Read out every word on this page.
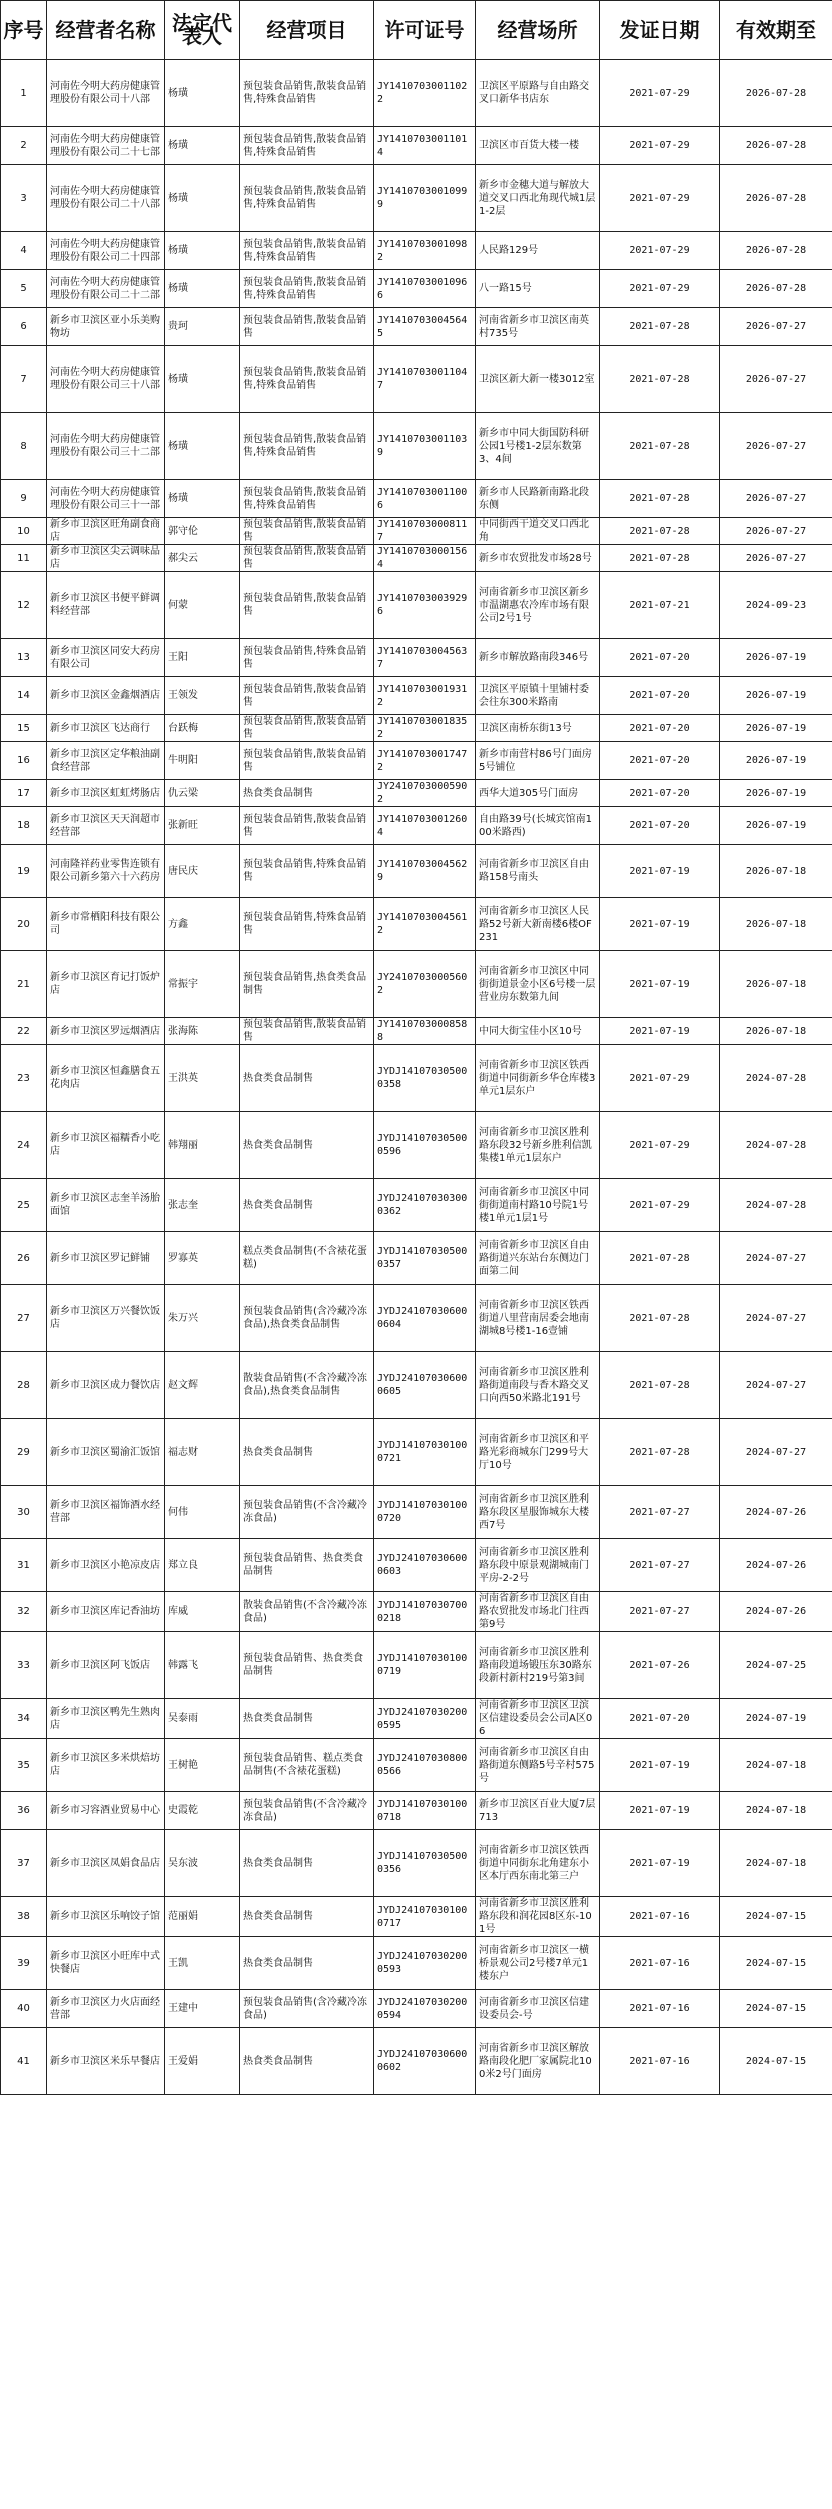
序号	经营者名称	法定代表人	经营项目	许可证号	经营场所	发证日期	有效期至
1	河南佐今明大药房健康管理股份有限公司十八部	杨璜	预包装食品销售,散装食品销售,特殊食品销售	JY14107030011022	卫滨区平原路与自由路交叉口新华书店东	2021-07-29	2026-07-28
2	河南佐今明大药房健康管理股份有限公司二十七部	杨璜	预包装食品销售,散装食品销售,特殊食品销售	JY14107030011014	卫滨区市百货大楼一楼	2021-07-29	2026-07-28
3	河南佐今明大药房健康管理股份有限公司二十八部	杨璜	预包装食品销售,散装食品销售,特殊食品销售	JY14107030010999	新乡市金穗大道与解放大道交叉口西北角现代城1层1-2层	2021-07-29	2026-07-28
4	河南佐今明大药房健康管理股份有限公司二十四部	杨璜	预包装食品销售,散装食品销售,特殊食品销售	JY14107030010982	人民路129号	2021-07-29	2026-07-28
5	河南佐今明大药房健康管理股份有限公司二十二部	杨璜	预包装食品销售,散装食品销售,特殊食品销售	JY14107030010966	八一路15号	2021-07-29	2026-07-28
6	新乡市卫滨区亚小乐美购物坊	贵珂	预包装食品销售,散装食品销售	JY14107030045645	河南省新乡市卫滨区南英村735号	2021-07-28	2026-07-27
7	河南佐今明大药房健康管理股份有限公司三十八部	杨璜	预包装食品销售,散装食品销售,特殊食品销售	JY14107030011047	卫滨区新大新一楼3012室	2021-07-28	2026-07-27
8	河南佐今明大药房健康管理股份有限公司三十二部	杨璜	预包装食品销售,散装食品销售,特殊食品销售	JY14107030011039	新乡市中同大街国防科研公园1号楼1-2层东数第3、4间	2021-07-28	2026-07-27
9	河南佐今明大药房健康管理股份有限公司三十一部	杨璜	预包装食品销售,散装食品销售,特殊食品销售	JY14107030011006	新乡市人民路新南路北段东侧	2021-07-28	2026-07-27
10	新乡市卫滨区旺角副食商店	郭守伦	预包装食品销售,散装食品销售	JY14107030008117	中同街西干道交叉口西北角	2021-07-28	2026-07-27
11	新乡市卫滨区尖云调味品店	郝尖云	预包装食品销售,散装食品销售	JY14107030001564	新乡市农贸批发市场28号	2021-07-28	2026-07-27
12	新乡市卫滨区书便平鲜调料经营部	何蒙	预包装食品销售,散装食品销售	JY14107030039296	河南省新乡市卫滨区新乡市温湖惠农冷库市场有限公司2号1号	2021-07-21	2024-09-23
13	新乡市卫滨区同安大药房有限公司	王阳	预包装食品销售,特殊食品销售	JY14107030045637	新乡市解放路南段346号	2021-07-20	2026-07-19
14	新乡市卫滨区金鑫烟酒店	王领发	预包装食品销售,散装食品销售	JY14107030019312	卫滨区平原镇十里铺村委会往东300米路南	2021-07-20	2026-07-19
15	新乡市卫滨区飞达商行	台跃梅	预包装食品销售,散装食品销售	JY14107030018352	卫滨区南桥东街13号	2021-07-20	2026-07-19
16	新乡市卫滨区定华粮油副食经营部	牛明阳	预包装食品销售,散装食品销售	JY14107030017472	新乡市南营村86号门面房5号铺位	2021-07-20	2026-07-19
17	新乡市卫滨区虹虹烤肠店	仇云梁	热食类食品制售	JY24107030005902	西华大道305号门面房	2021-07-20	2026-07-19
18	新乡市卫滨区天天润超市经营部	张新旺	预包装食品销售,散装食品销售	JY14107030012604	自由路39号(长城宾馆南100米路西)	2021-07-20	2026-07-19
19	河南隆祥药业零售连锁有限公司新乡第六十六药房	唐民庆	预包装食品销售,特殊食品销售	JY14107030045629	河南省新乡市卫滨区自由路158号南头	2021-07-19	2026-07-18
20	新乡市常栖阳科技有限公司	方鑫	预包装食品销售,特殊食品销售	JY14107030045612	河南省新乡市卫滨区人民路52号新大新南楼6楼OF231	2021-07-19	2026-07-18
21	新乡市卫滨区育记打饭炉店	常振宇	预包装食品销售,热食类食品制售	JY24107030005602	河南省新乡市卫滨区中同街街道景金小区6号楼一层营业房东数第九间	2021-07-19	2026-07-18
22	新乡市卫滨区罗远烟酒店	张海陈	预包装食品销售,散装食品销售	JY14107030008588	中同大街宝佳小区10号	2021-07-19	2026-07-18
23	新乡市卫滨区恒鑫膳食五花肉店	王洪英	热食类食品制售	JYDJ141070305000358	河南省新乡市卫滨区铁西街道中同街新乡华仓库楼3单元1层东户	2021-07-29	2024-07-28
24	新乡市卫滨区福糯香小吃店	韩翔丽	热食类食品制售	JYDJ141070305000596	河南省新乡市卫滨区胜利路东段32号新乡胜利信凯集楼1单元1层东户	2021-07-29	2024-07-28
25	新乡市卫滨区志奎羊汤胎面馆	张志奎	热食类食品制售	JYDJ241070303000362	河南省新乡市卫滨区中同街街道南村路10号院1号楼1单元1层1号	2021-07-29	2024-07-28
26	新乡市卫滨区罗记鲜铺	罗寡英	糕点类食品制售(不含裱花蛋糕)	JYDJ141070305000357	河南省新乡市卫滨区自由路街道兴东站台东侧边门面第二间	2021-07-28	2024-07-27
27	新乡市卫滨区万兴餐饮饭店	朱万兴	预包装食品销售(含冷藏冷冻食品),热食类食品制售	JYDJ241070306000604	河南省新乡市卫滨区铁西街道八里营南居委会地南湖城8号楼1-16壹铺	2021-07-28	2024-07-27
28	新乡市卫滨区成力餐饮店	赵文辉	散装食品销售(不含冷藏冷冻食品),热食类食品制售	JYDJ241070306000605	河南省新乡市卫滨区胜利路街道南段与香木路交叉口向西50米路北191号	2021-07-28	2024-07-27
29	新乡市卫滨区蜀渝汇饭馆	福志财	热食类食品制售	JYDJ141070301000721	河南省新乡市卫滨区和平路光彩商城东门299号大厅10号	2021-07-28	2024-07-27
30	新乡市卫滨区福饰酒水经营部	何伟	预包装食品销售(不含冷藏冷冻食品)	JYDJ141070301000720	河南省新乡市卫滨区胜利路东段区星服饰城东大楼西7号	2021-07-27	2024-07-26
31	新乡市卫滨区小艳凉皮店	郑立良	预包装食品销售、热食类食品制售	JYDJ241070306000603	河南省新乡市卫滨区胜利路东段中原景观湖城南门平房-2-2号	2021-07-27	2024-07-26
32	新乡市卫滨区库记香油坊	库威	散装食品销售(不含冷藏冷冻食品)	JYDJ141070307000218	河南省新乡市卫滨区自由路农贸批发市场北门往西第9号	2021-07-27	2024-07-26
33	新乡市卫滨区阿飞饭店	韩露飞	预包装食品销售、热食类食品制售	JYDJ141070301000719	河南省新乡市卫滨区胜利路南段道场锻压东30路东段新村新村219号第3间	2021-07-26	2024-07-25
34	新乡市卫滨区鸭先生熟肉店	吴泰雨	热食类食品制售	JYDJ241070302000595	河南省新乡市卫滨区卫滨区信建设委员会公司A区06	2021-07-20	2024-07-19
35	新乡市卫滨区多米烘焙坊店	王树艳	预包装食品销售、糕点类食品制售(不含裱花蛋糕)	JYDJ241070308000566	河南省新乡市卫滨区自由路街道东侧路5号辛村575号	2021-07-19	2024-07-18
36	新乡市习容酒业贸易中心	史霞乾	预包装食品销售(不含冷藏冷冻食品)	JYDJ141070301000718	新乡市卫滨区百业大厦7层713	2021-07-19	2024-07-18
37	新乡市卫滨区凤娟食品店	吴东波	热食类食品制售	JYDJ141070305000356	河南省新乡市卫滨区铁西街道中同街东北角建东小区本厅西东南北第三户	2021-07-19	2024-07-18
38	新乡市卫滨区乐响饺子馆	范丽娟	热食类食品制售	JYDJ241070301000717	河南省新乡市卫滨区胜利路东段和润花园8区东-101号	2021-07-16	2024-07-15
39	新乡市卫滨区小旺库中式快餐店	王凯	热食类食品制售	JYDJ241070302000593	河南省新乡市卫滨区一横桥景观公司2号楼7单元1楼东户	2021-07-16	2024-07-15
40	新乡市卫滨区力火店面经营部	王建中	预包装食品销售(含冷藏冷冻食品)	JYDJ241070302000594	河南省新乡市卫滨区信建设委员会-号	2021-07-16	2024-07-15
41	新乡市卫滨区米乐早餐店	王爱娟	热食类食品制售	JYDJ241070306000602	河南省新乡市卫滨区解放路南段化肥厂家属院北100米2号门面房	2021-07-16	2024-07-15
